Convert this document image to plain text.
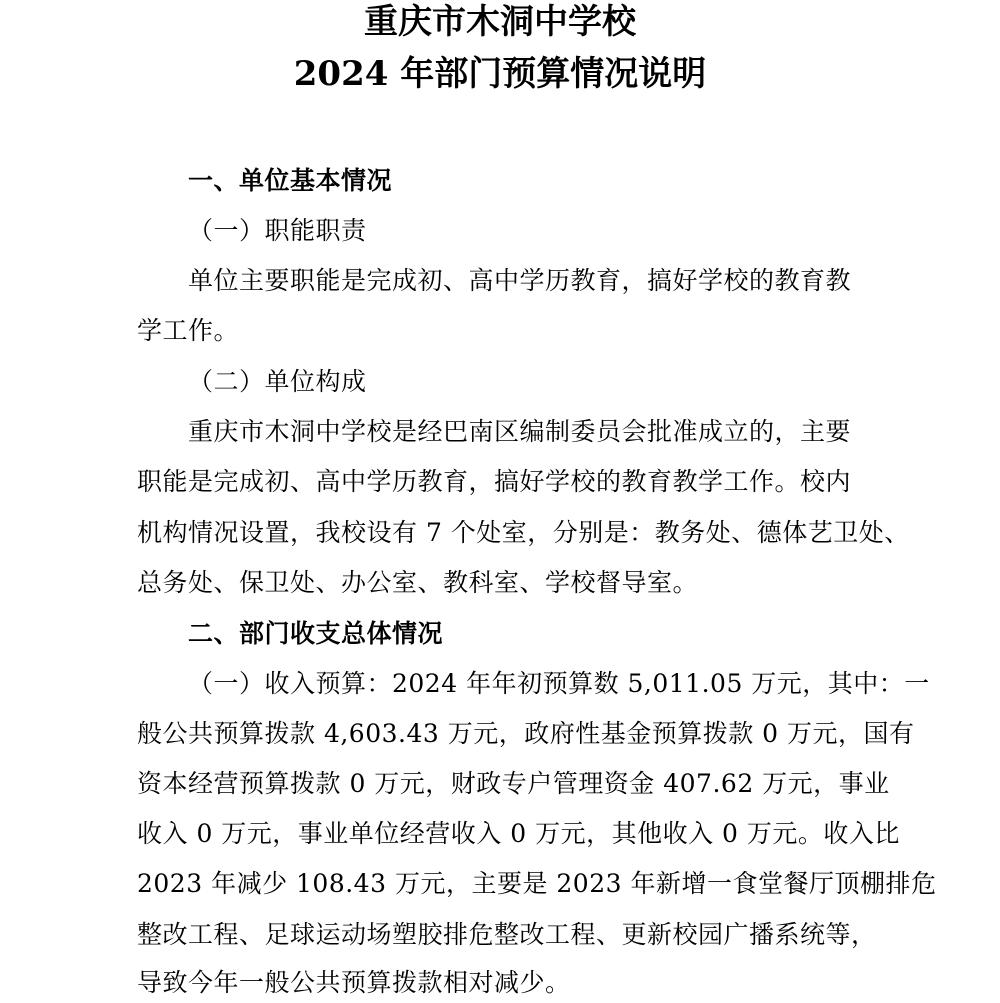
重庆市木洞中学校
2024 年部门预算情况说明
一、单位基本情况
（一）职能职责
单位主要职能是完成初、高中学历教育，搞好学校的教育教
学工作。
（二）单位构成
重庆市木洞中学校是经巴南区编制委员会批准成立的，主要
职能是完成初、高中学历教育，搞好学校的教育教学工作。校内
机构情况设置，我校设有 7 个处室，分别是：教务处、德体艺卫处、
总务处、保卫处、办公室、教科室、学校督导室。
二、部门收支总体情况
（一）收入预算：2024 年年初预算数 5,011.05 万元，其中：一
般公共预算拨款 4,603.43 万元，政府性基金预算拨款 0 万元，国有
资本经营预算拨款 0 万元，财政专户管理资金 407.62 万元，事业
收入 0 万元，事业单位经营收入 0 万元，其他收入 0 万元。收入比
2023 年减少 108.43 万元，主要是 2023 年新增一食堂餐厅顶棚排危
整改工程、足球运动场塑胶排危整改工程、更新校园广播系统等，
导致今年一般公共预算拨款相对减少。
